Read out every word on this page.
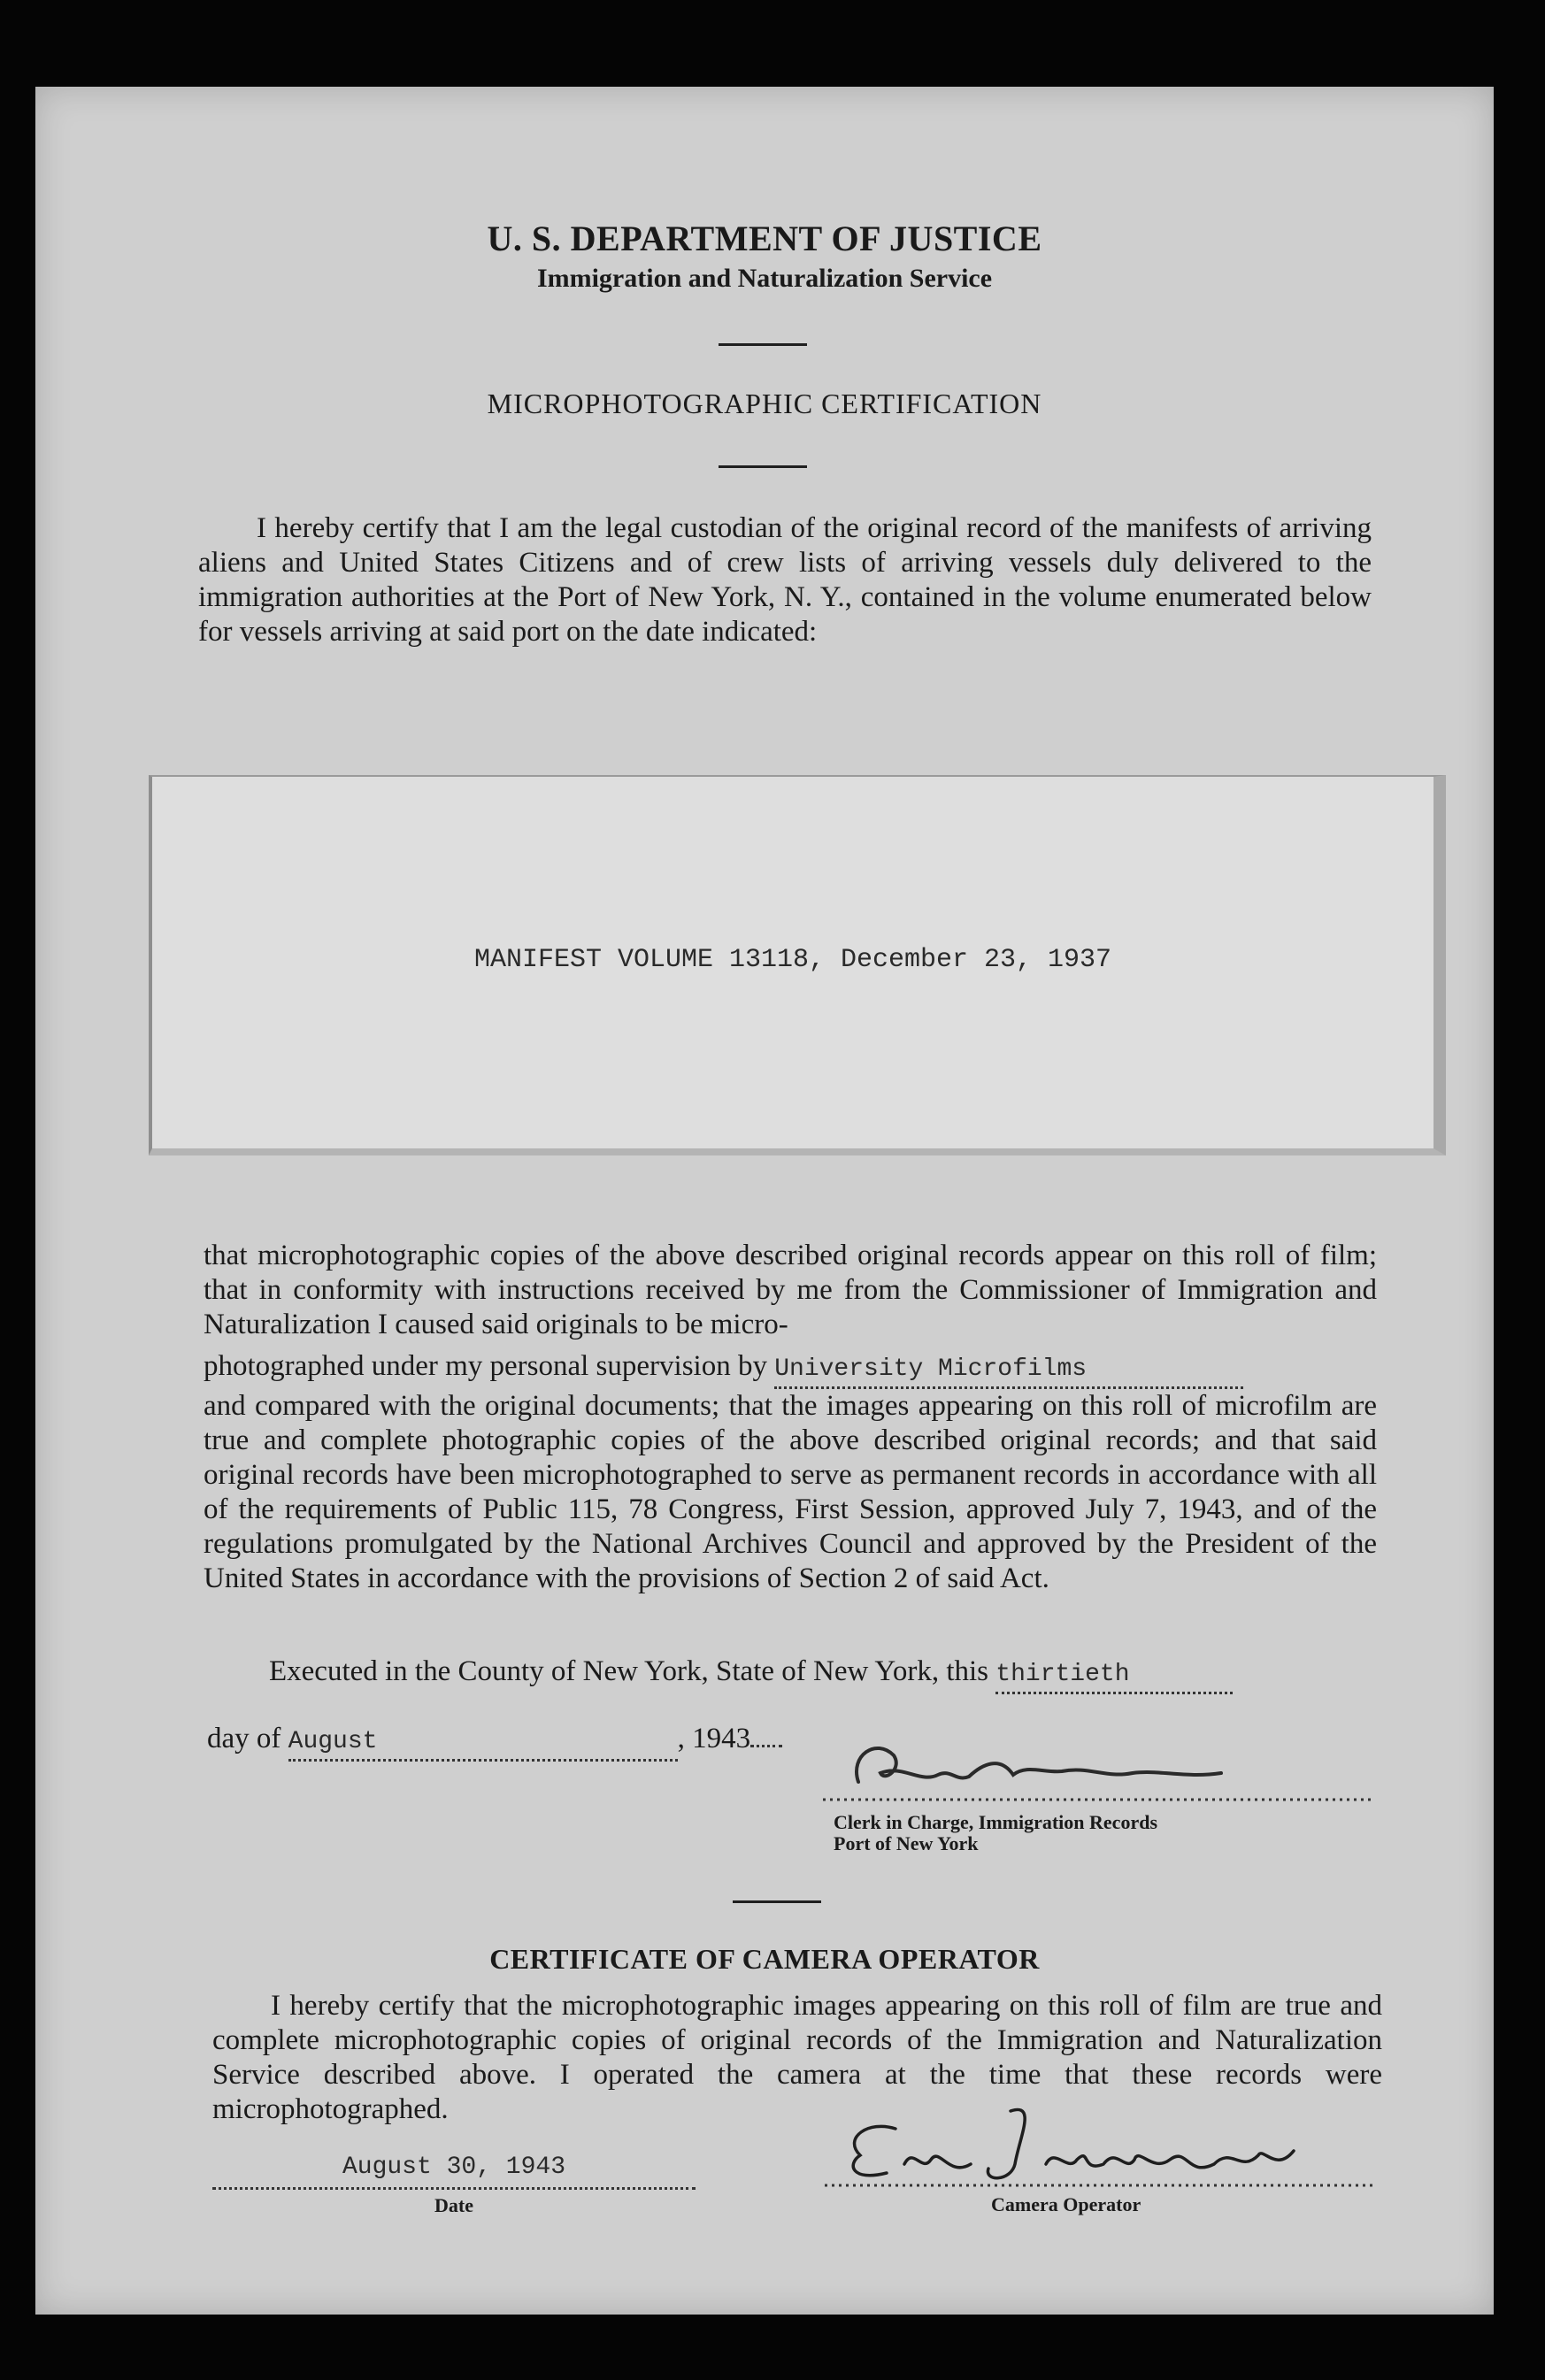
U. S. DEPARTMENT OF JUSTICE
Immigration and Naturalization Service
MICROPHOTOGRAPHIC CERTIFICATION
I hereby certify that I am the legal custodian of the original record of the manifests of arriving aliens and United States Citizens and of crew lists of arriving vessels duly delivered to the immigration authorities at the Port of New York, N. Y., contained in the volume enumerated below for vessels arriving at said port on the date indicated:
MANIFEST VOLUME 13118, December 23, 1937
that microphotographic copies of the above described original records appear on this roll of film; that in conformity with instructions received by me from the Commissioner of Immigration and Naturalization I caused said originals to be micro-
photographed under my personal supervision by University Microfilms
and compared with the original documents; that the images appearing on this roll of microfilm are true and complete photographic copies of the above described original records; and that said original records have been microphotographed to serve as permanent records in accordance with all of the requirements of Public 115, 78 Congress, First Session, approved July 7, 1943, and of the regulations promulgated by the National Archives Council and approved by the President of the United States in accordance with the provisions of Section 2 of said Act.
Executed in the County of New York, State of New York, this thirtieth
day of August	, 1943
Clerk in Charge, Immigration Records
Port of New York
CERTIFICATE OF CAMERA OPERATOR
I hereby certify that the microphotographic images appearing on this roll of film are true and complete microphotographic copies of original records of the Immigration and Naturalization Service described above. I operated the camera at the time that these records were microphotographed.
August 30, 1943
Date	Camera Operator
